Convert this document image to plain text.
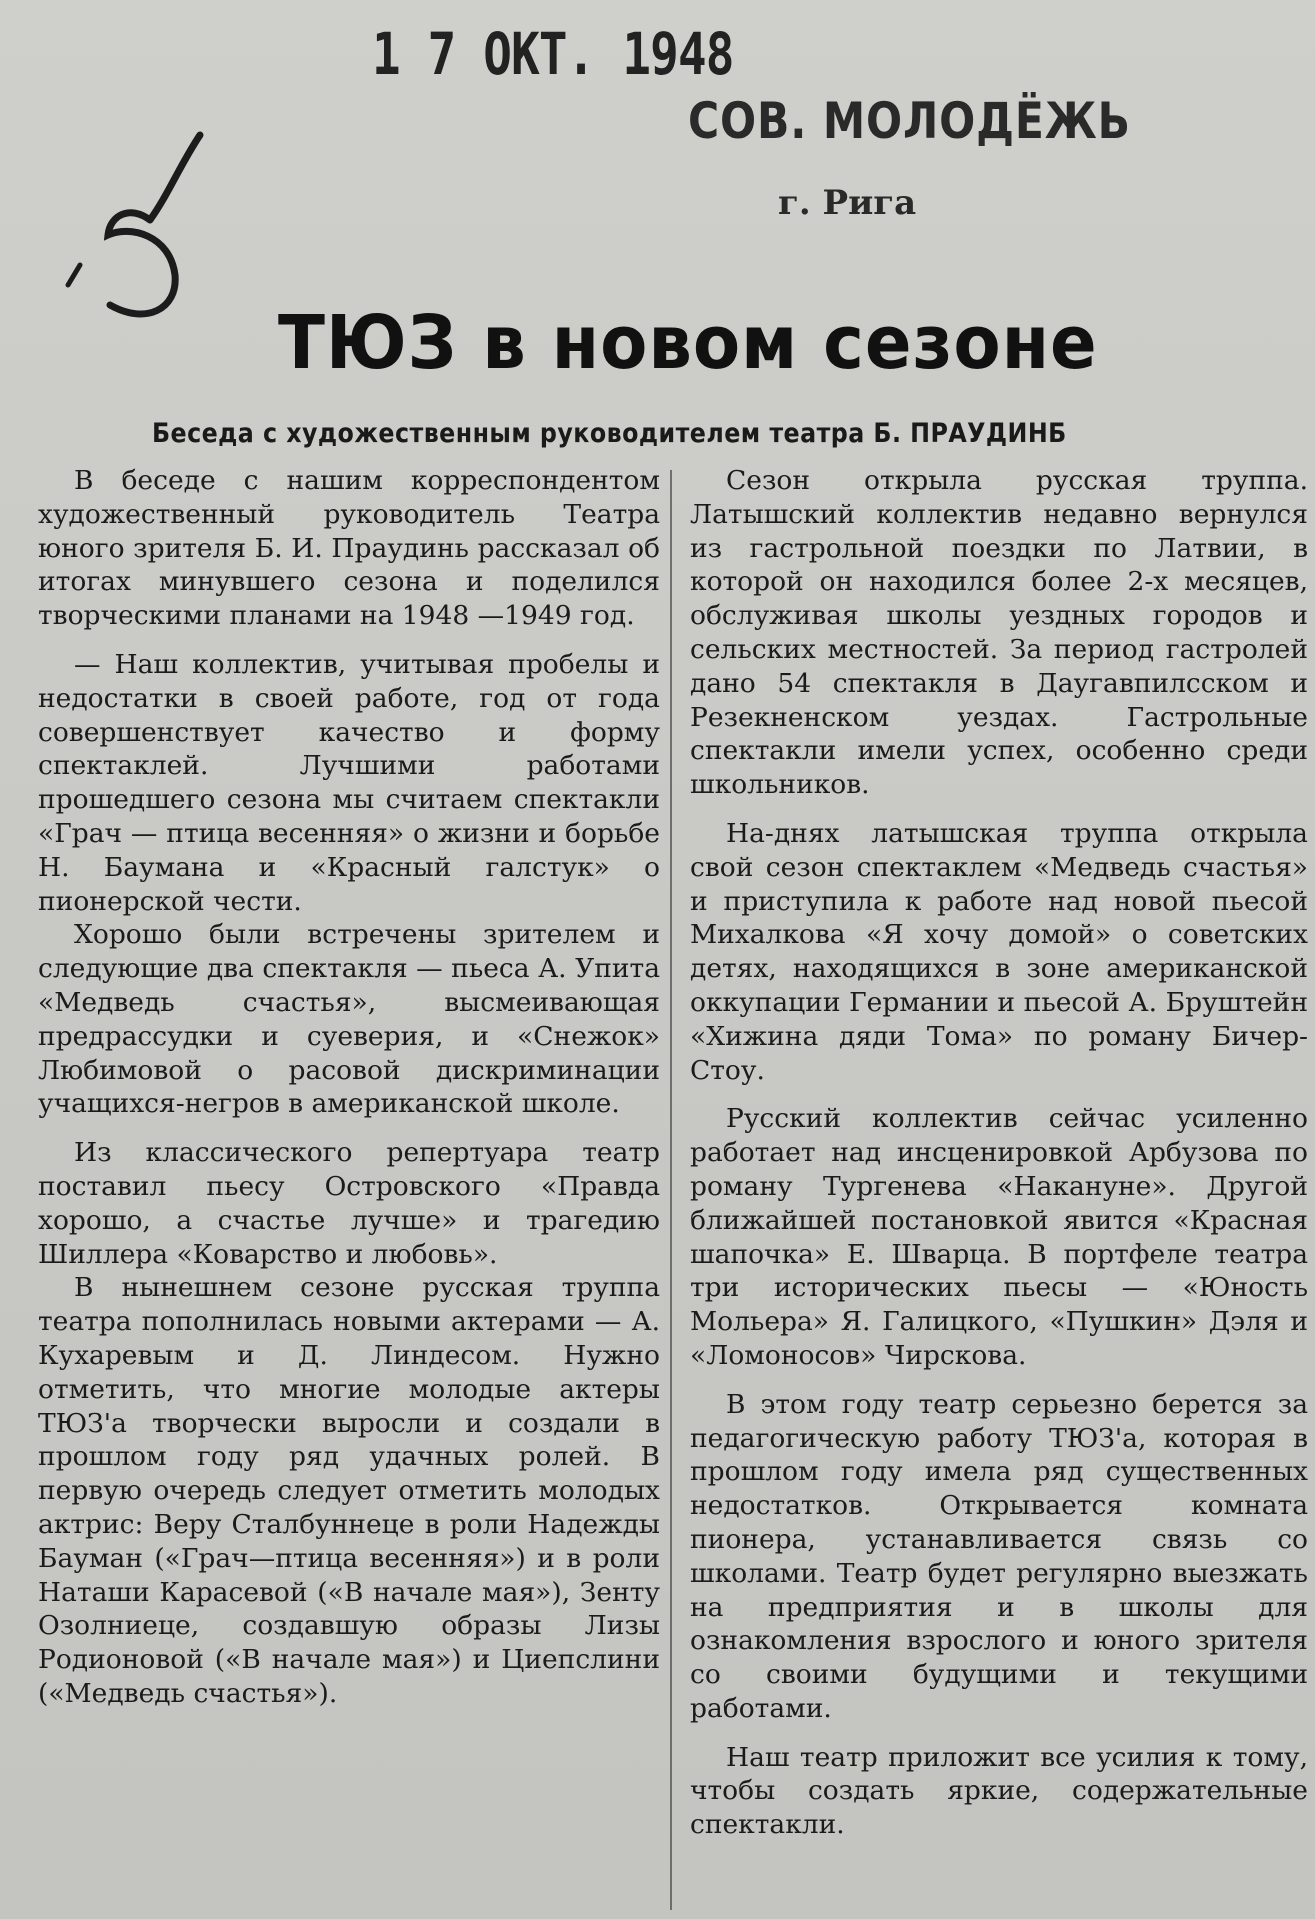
1 7 ОКТ. 1948
СОВ. МОЛОДЁЖЬ
г. Рига
ТЮЗ в новом сезоне
Беседа с художественным руководителем театра Б. ПРАУДИНБ

В беседе с нашим корреспондентом художественный руководитель Театра юного зрителя Б. И. Праудинь рассказал об итогах минувшего сезона и поделился творческими планами на 1948 —1949 год.

— Наш коллектив, учитывая пробелы и недостатки в своей работе, год от года совершенствует качество и форму спектаклей. Лучшими работами прошедшего сезона мы считаем спектакли «Грач — птица весенняя» о жизни и борьбе Н. Баумана и «Красный галстук» о пионерской чести.

Хорошо были встречены зрителем и следующие два спектакля — пьеса А. Упита «Медведь счастья», высмеивающая предрассудки и суеверия, и «Снежок» Любимовой о расовой дискриминации учащихся-негров в американской школе.

Из классического репертуара театр поставил пьесу Островского «Правда хорошо, а счастье лучше» и трагедию Шиллера «Коварство и любовь».

В нынешнем сезоне русская труппа театра пополнилась новыми актерами — А. Кухаревым и Д. Линдесом. Нужно отметить, что многие молодые актеры ТЮЗ'а творчески выросли и создали в прошлом году ряд удачных ролей. В первую очередь следует отметить молодых актрис: Веру Сталбуннеце в роли Надежды Бауман («Грач—птица весенняя») и в роли Наташи Карасевой («В начале мая»), Зенту Озолниеце, создавшую образы Лизы Родионовой («В начале мая») и Циепслини («Медведь счастья»).

Сезон открыла русская труппа. Латышский коллектив недавно вернулся из гастрольной поездки по Латвии, в которой он находился более 2-х месяцев, обслуживая школы уездных городов и сельских местностей. За период гастролей дано 54 спектакля в Даугавпилсском и Резекненском уездах. Гастрольные спектакли имели успех, особенно среди школьников.

На-днях латышская труппа открыла свой сезон спектаклем «Медведь счастья» и приступила к работе над новой пьесой Михалкова «Я хочу домой» о советских детях, находящихся в зоне американской оккупации Германии и пьесой А. Бруштейн «Хижина дяди Тома» по роману Бичер-Стоу.

Русский коллектив сейчас усиленно работает над инсценировкой Арбузова по роману Тургенева «Накануне». Другой ближайшей постановкой явится «Красная шапочка» Е. Шварца. В портфеле театра три исторических пьесы — «Юность Мольера» Я. Галицкого, «Пушкин» Дэля и «Ломоносов» Чирскова.

В этом году театр серьезно берется за педагогическую работу ТЮЗ'а, которая в прошлом году имела ряд существенных недостатков. Открывается комната пионера, устанавливается связь со школами. Театр будет регулярно выезжать на предприятия и в школы для ознакомления взрослого и юного зрителя со своими будущими и текущими работами.

Наш театр приложит все усилия к тому, чтобы создать яркие, содержательные спектакли.
